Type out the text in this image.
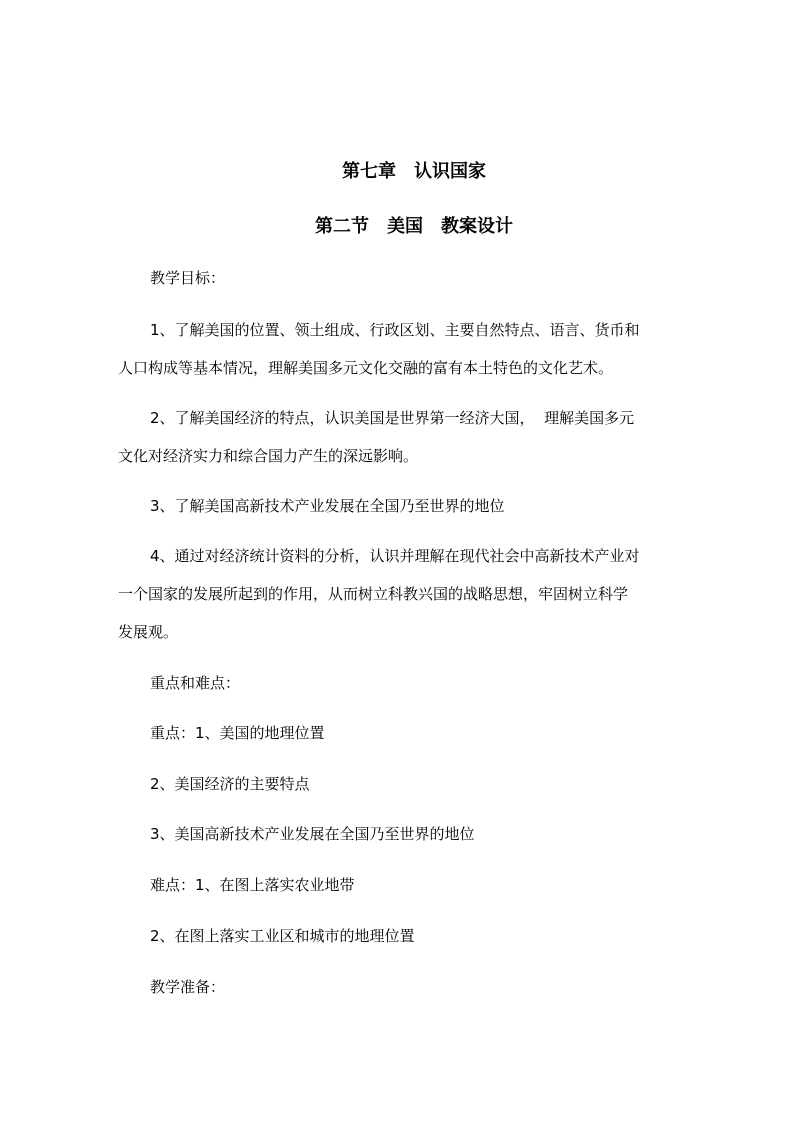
第七章　认识国家
第二节　美国　教案设计
教学目标：
1、了解美国的位置、领土组成、行政区划、主要自然特点、语言、货币和
人口构成等基本情况，理解美国多元文化交融的富有本土特色的文化艺术。
2、了解美国经济的特点，认识美国是世界第一经济大国，  理解美国多元
文化对经济实力和综合国力产生的深远影响。
3、了解美国高新技术产业发展在全国乃至世界的地位
4、通过对经济统计资料的分析，认识并理解在现代社会中高新技术产业对
一个国家的发展所起到的作用，从而树立科教兴国的战略思想，牢固树立科学
发展观。
重点和难点：
重点：1、美国的地理位置
2、美国经济的主要特点
3、美国高新技术产业发展在全国乃至世界的地位
难点：1、在图上落实农业地带
2、在图上落实工业区和城市的地理位置
教学准备：
